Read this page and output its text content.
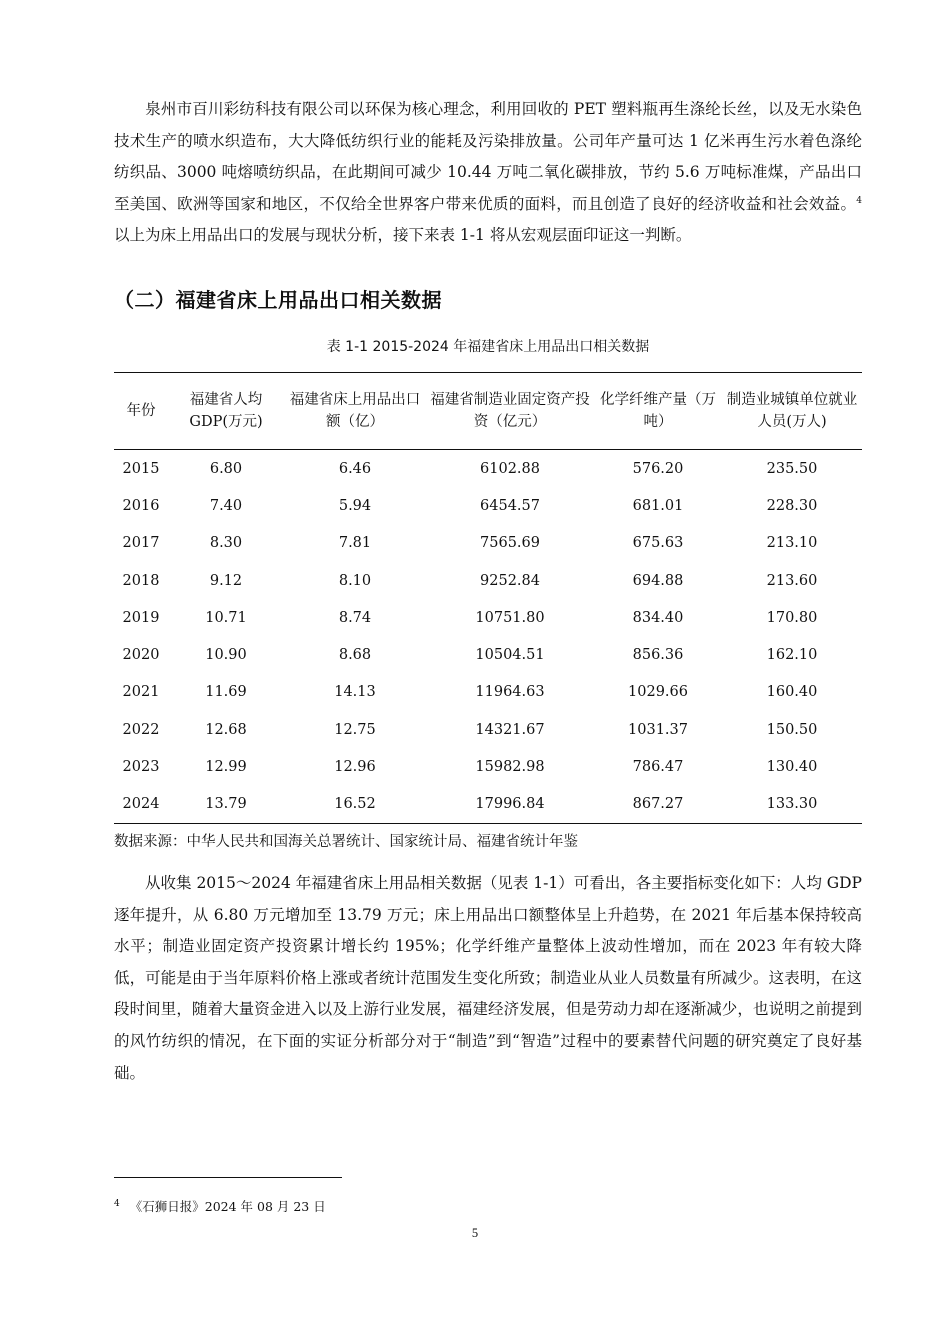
泉州市百川彩纺科技有限公司以环保为核心理念，利用回收的 PET 塑料瓶再生涤纶长丝，以及无水染色技术生产的喷水织造布，大大降低纺织行业的能耗及污染排放量。公司年产量可达 1 亿米再生污水着色涤纶纺织品、3000 吨熔喷纺织品，在此期间可减少 10.44 万吨二氧化碳排放，节约 5.6 万吨标准煤，产品出口至美国、欧洲等国家和地区，不仅给全世界客户带来优质的面料，而且创造了良好的经济收益和社会效益。$^4$以上为床上用品出口的发展与现状分析，接下来表 1-1 将从宏观层面印证这一判断。

（二）福建省床上用品出口相关数据

表 1-1 2015-2024 年福建省床上用品出口相关数据

年份	福建省人均GDP(万元)	福建省床上用品出口额（亿）	福建省制造业固定资产投资（亿元）	化学纤维产量（万吨）	制造业城镇单位就业人员(万人)
2015	6.80	6.46	6102.88	576.20	235.50
2016	7.40	5.94	6454.57	681.01	228.30
2017	8.30	7.81	7565.69	675.63	213.10
2018	9.12	8.10	9252.84	694.88	213.60
2019	10.71	8.74	10751.80	834.40	170.80
2020	10.90	8.68	10504.51	856.36	162.10
2021	11.69	14.13	11964.63	1029.66	160.40
2022	12.68	12.75	14321.67	1031.37	150.50
2023	12.99	12.96	15982.98	786.47	130.40
2024	13.79	16.52	17996.84	867.27	133.30

数据来源：中华人民共和国海关总署统计、国家统计局、福建省统计年鉴

从收集 2015～2024 年福建省床上用品相关数据（见表 1-1）可看出，各主要指标变化如下：人均 GDP 逐年提升，从 6.80 万元增加至 13.79 万元；床上用品出口额整体呈上升趋势，在 2021 年后基本保持较高水平；制造业固定资产投资累计增长约 195%；化学纤维产量整体上波动性增加，而在 2023 年有较大降低，可能是由于当年原料价格上涨或者统计范围发生变化所致；制造业从业人员数量有所减少。这表明，在这段时间里，随着大量资金进入以及上游行业发展，福建经济发展，但是劳动力却在逐渐减少，也说明之前提到的风竹纺织的情况，在下面的实证分析部分对于“制造”到“智造”过程中的要素替代问题的研究奠定了良好基础。

$^4$ 《石狮日报》2024 年 08 月 23 日

5
